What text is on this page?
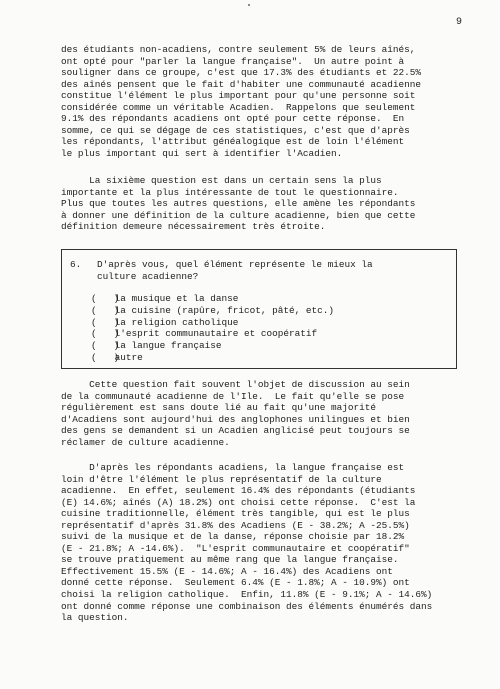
9

des étudiants non-acadiens, contre seulement 5% de leurs aînés,

ont opté pour "parler la langue française".  Un autre point à

souligner dans ce groupe, c'est que 17.3% des étudiants et 22.5%

des aînés pensent que le fait d'habiter une communauté acadienne

constitue l'élément le plus important pour qu'une personne soit

considérée comme un véritable Acadien.  Rappelons que seulement

9.1% des répondants acadiens ont opté pour cette réponse.  En

somme, ce qui se dégage de ces statistiques, c'est que d'après

les répondants, l'attribut généalogique est de loin l'élément

le plus important qui sert à identifier l'Acadien.

La sixième question est dans un certain sens la plus

importante et la plus intéressante de tout le questionnaire.

Plus que toutes les autres questions, elle amène les répondants

à donner une définition de la culture acadienne, bien que cette

définition demeure nécessairement très étroite.

6. D'après vous, quel élément représente le mieux la
culture acadienne?
(   ) la musique et la danse
(   ) la cuisine (rapûre, fricot, pâté, etc.)
(   ) la religion catholique
(   ) l'esprit communautaire et coopératif
(   ) la langue française
(   ) autre

Cette question fait souvent l'objet de discussion au sein

de la communauté acadienne de l'Ile.  Le fait qu'elle se pose

régulièrement est sans doute lié au fait qu'une majorité

d'Acadiens sont aujourd'hui des anglophones unilingues et bien

des gens se demandent si un Acadien anglicisé peut toujours se

réclamer de culture acadienne.

D'après les répondants acadiens, la langue française est

loin d'être l'élément le plus représentatif de la culture

acadienne.  En effet, seulement 16.4% des répondants (étudiants

(E) 14.6%; aînés (A) 18.2%) ont choisi cette réponse.  C'est la

cuisine traditionnelle, élément très tangible, qui est le plus

représentatif d'après 31.8% des Acadiens (E - 38.2%; A -25.5%)

suivi de la musique et de la danse, réponse choisie par 18.2%

(E - 21.8%; A -14.6%).  "L'esprit communautaire et coopératif"

se trouve pratiquement au même rang que la langue française.

Effectivement 15.5% (E - 14.6%; A - 16.4%) des Acadiens ont

donné cette réponse.  Seulement 6.4% (E - 1.8%; A - 10.9%) ont

choisi la religion catholique.  Enfin, 11.8% (E - 9.1%; A - 14.6%)

ont donné comme réponse une combinaison des éléments énumérés dans

la question.
